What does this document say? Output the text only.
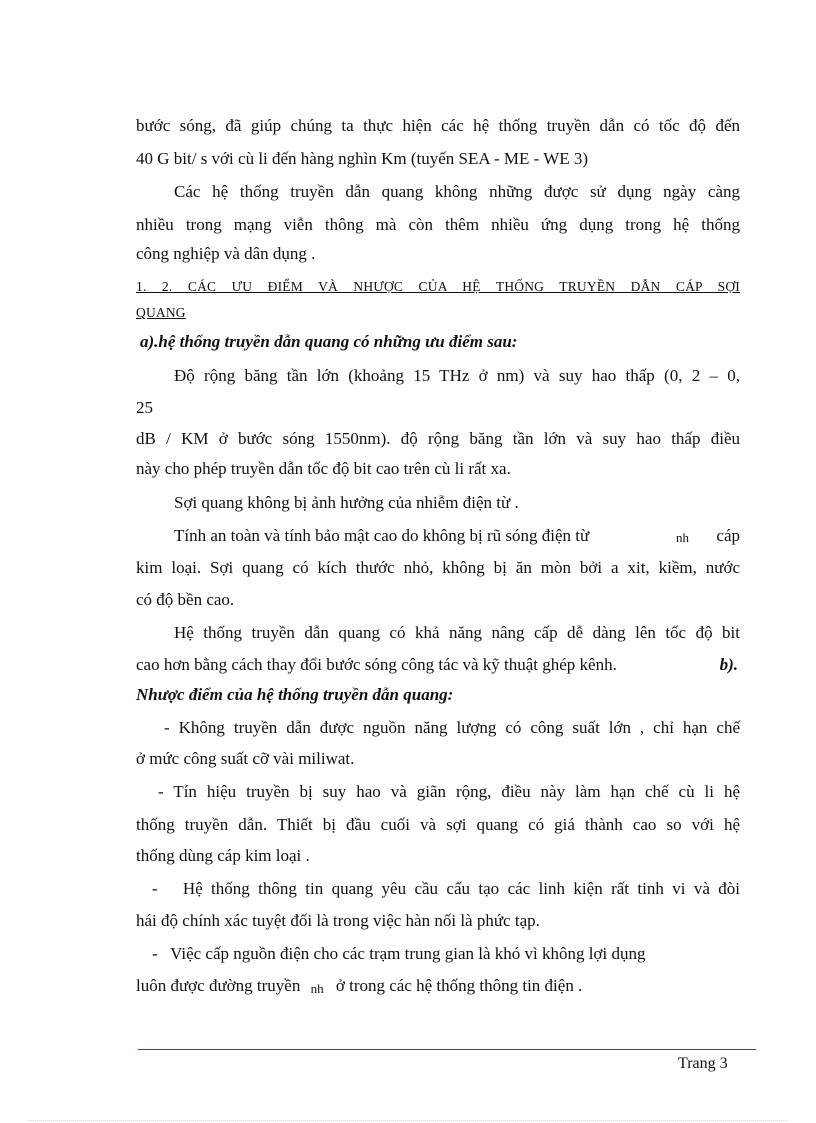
bước sóng, đã giúp chúng ta thực hiện các hệ thống truyền dẫn có tốc độ đến
40 G bit/ s với cù li đến hàng nghìn Km (tuyến SEA - ME - WE 3)
Các hệ thống truyền dẫn quang không những được sử dụng ngày càng
nhiều trong mạng viễn thông mà còn thêm nhiều ứng dụng trong hệ thống
công nghiệp và dân dụng .
1. 2. CÁC ƯU ĐIỂM VÀ NHƯỢC CỦA HỆ THỐNG TRUYỀN DẪN CÁP SỢI
QUANG
a).hệ thống truyền dẫn quang có những ưu điểm sau:
Độ rộng băng tần lớn (khoảng 15 THz ở nm) và suy hao thấp (0, 2 – 0,
25
dB / KM ở bước sóng 1550nm). độ rộng băng tần lớn và suy hao thấp điều
này cho phép truyền dẫn tốc độ bit cao trên cù li rất xa.
Sợi quang không bị ảnh hưởng của nhiễm điện từ .
Tính an toàn và tính bảo mật cao do không bị rũ sóng điện từ	nh cáp
kim loại. Sợi quang có kích thước nhỏ, không bị ăn mòn bởi a xit, kiềm, nước
có độ bền cao.
Hệ thống truyền dẫn quang có khả năng nâng cấp dễ dàng lên tốc độ bit
cao hơn bằng cách thay đổi bước sóng công tác và kỹ thuật ghép kênh.	b).
Nhược điểm của hệ thống truyền dẫn quang:
- Không truyền dẫn được nguồn năng lượng có công suất lớn , chỉ hạn chế
ở mức công suất cỡ vài miliwat.
- Tín hiệu truyền bị suy hao và giãn rộng, điều này làm hạn chế cù li hệ
thống truyền dẫn. Thiết bị đầu cuối và sợi quang có giá thành cao so với hệ
thống dùng cáp kim loại .
-   Hệ thống thông tin quang yêu cầu cấu tạo các linh kiện rất tinh vi và đòi
hái độ chính xác tuyệt đối là trong việc hàn nối là phức tạp.
-   Việc cấp nguồn điện cho các trạm trung gian là khó vì không lợi dụng
luôn được đường truyền nh ở trong các hệ thống thông tin điện .
Trang 3
